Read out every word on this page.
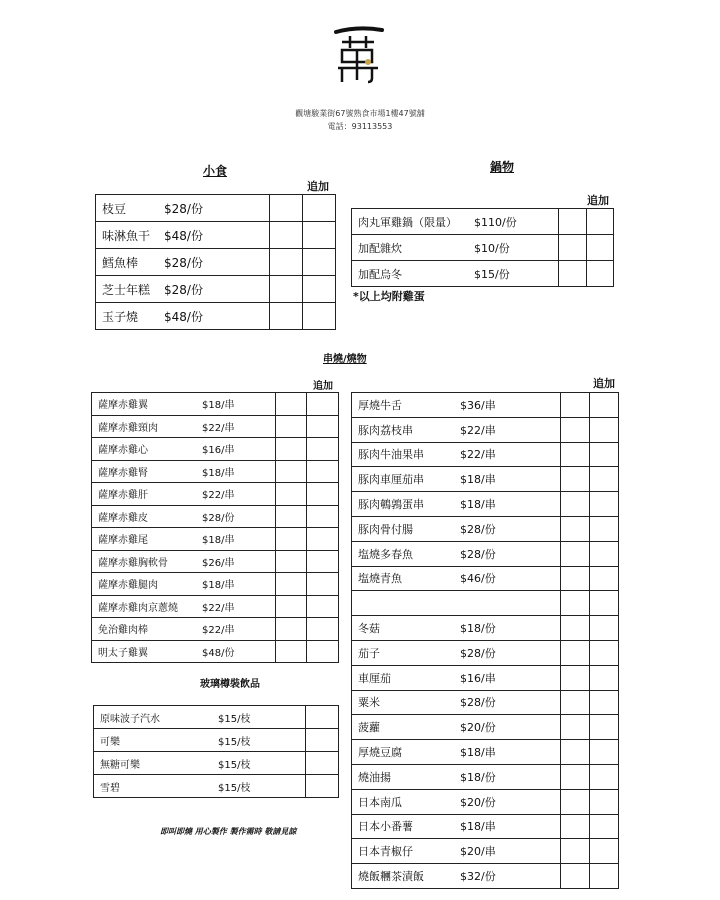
觀塘駿業街67號熟食市場1樓47號舖
電話：93113553
小食
追加
枝豆 $28/份		
味淋魚干 $48/份		
鱈魚棒 $28/份		
芝士年糕 $28/份		
玉子燒 $48/份		
鍋物
追加
肉丸軍雞鍋（限量） $110/份		
加配雜炊 $10/份		
加配烏冬 $15/份		
*以上均附雞蛋
串燒/燒物
追加	追加
薩摩赤雞翼 $18/串		
薩摩赤雞頸肉 $22/串		
薩摩赤雞心 $16/串		
薩摩赤雞腎 $18/串		
薩摩赤雞肝 $22/串		
薩摩赤雞皮 $28/份		
薩摩赤雞尾 $18/串		
薩摩赤雞胸軟骨 $26/串		
薩摩赤雞腿肉 $18/串		
薩摩赤雞肉京蔥燒 $22/串		
免治雞肉棒 $22/串		
明太子雞翼 $48/份		
厚燒牛舌 $36/串		
豚肉荔枝串 $22/串		
豚肉牛油果串 $22/串		
豚肉車厘茄串 $18/串		
豚肉鵪鶉蛋串 $18/串		
豚肉骨付腸 $28/份		
塩燒多春魚 $28/份		
塩燒青魚 $46/份		

冬菇 $18/份		
茄子 $28/份		
車厘茄 $16/串		
粟米 $28/份		
菠蘿 $20/份		
厚燒豆腐 $18/串		
燒油揚 $18/份		
日本南瓜 $20/份		
日本小番薯 $18/串		
日本青椒仔 $20/串		
燒飯糰茶漬飯 $32/份		
玻璃樽裝飲品
原味波子汽水 $15/枝	
可樂 $15/枝	
無糖可樂 $15/枝	
雪碧 $15/枝	
即叫即燒 用心製作 製作需時 敬請見諒
